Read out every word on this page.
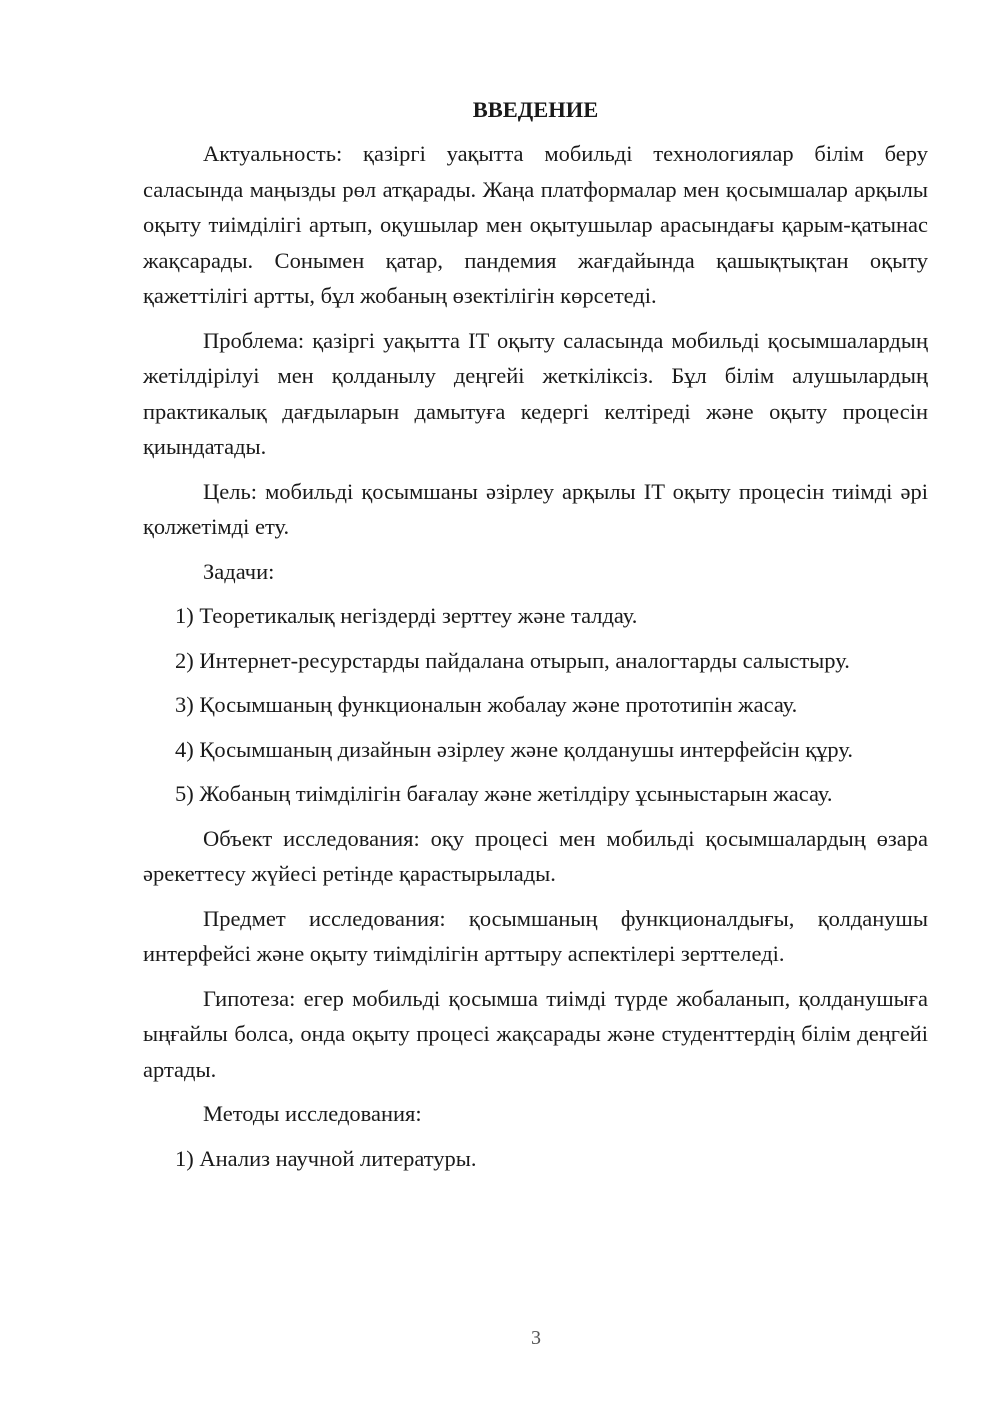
ВВЕДЕНИЕ

Актуальность: қазіргі уақытта мобильді технологиялар білім беру саласында маңызды рөл атқарады. Жаңа платформалар мен қосымшалар арқылы оқыту тиімділігі артып, оқушылар мен оқытушылар арасындағы қарым-қатынас жақсарады. Сонымен қатар, пандемия жағдайында қашықтықтан оқыту қажеттілігі артты, бұл жобаның өзектілігін көрсетеді.

Проблема: қазіргі уақытта IT оқыту саласында мобильді қосымшалардың жетілдірілуі мен қолданылу деңгейі жеткіліксіз. Бұл білім алушылардың практикалық дағдыларын дамытуға кедергі келтіреді және оқыту процесін қиындатады.

Цель: мобильді қосымшаны әзірлеу арқылы IT оқыту процесін тиімді әрі қолжетімді ету.

Задачи:

1) Теоретикалық негіздерді зерттеу және талдау.

2) Интернет-ресурстарды пайдалана отырып, аналогтарды салыстыру.

3) Қосымшаның функционалын жобалау және прототипін жасау.

4) Қосымшаның дизайнын әзірлеу және қолданушы интерфейсін құру.

5) Жобаның тиімділігін бағалау және жетілдіру ұсыныстарын жасау.

Объект исследования: оқу процесі мен мобильді қосымшалардың өзара әрекеттесу жүйесі ретінде қарастырылады.

Предмет исследования: қосымшаның функционалдығы, қолданушы интерфейсі және оқыту тиімділігін арттыру аспектілері зерттеледі.

Гипотеза: егер мобильді қосымша тиімді түрде жобаланып, қолданушыға ыңғайлы болса, онда оқыту процесі жақсарады және студенттердің білім деңгейі артады.

Методы исследования:

1) Анализ научной литературы.

3
